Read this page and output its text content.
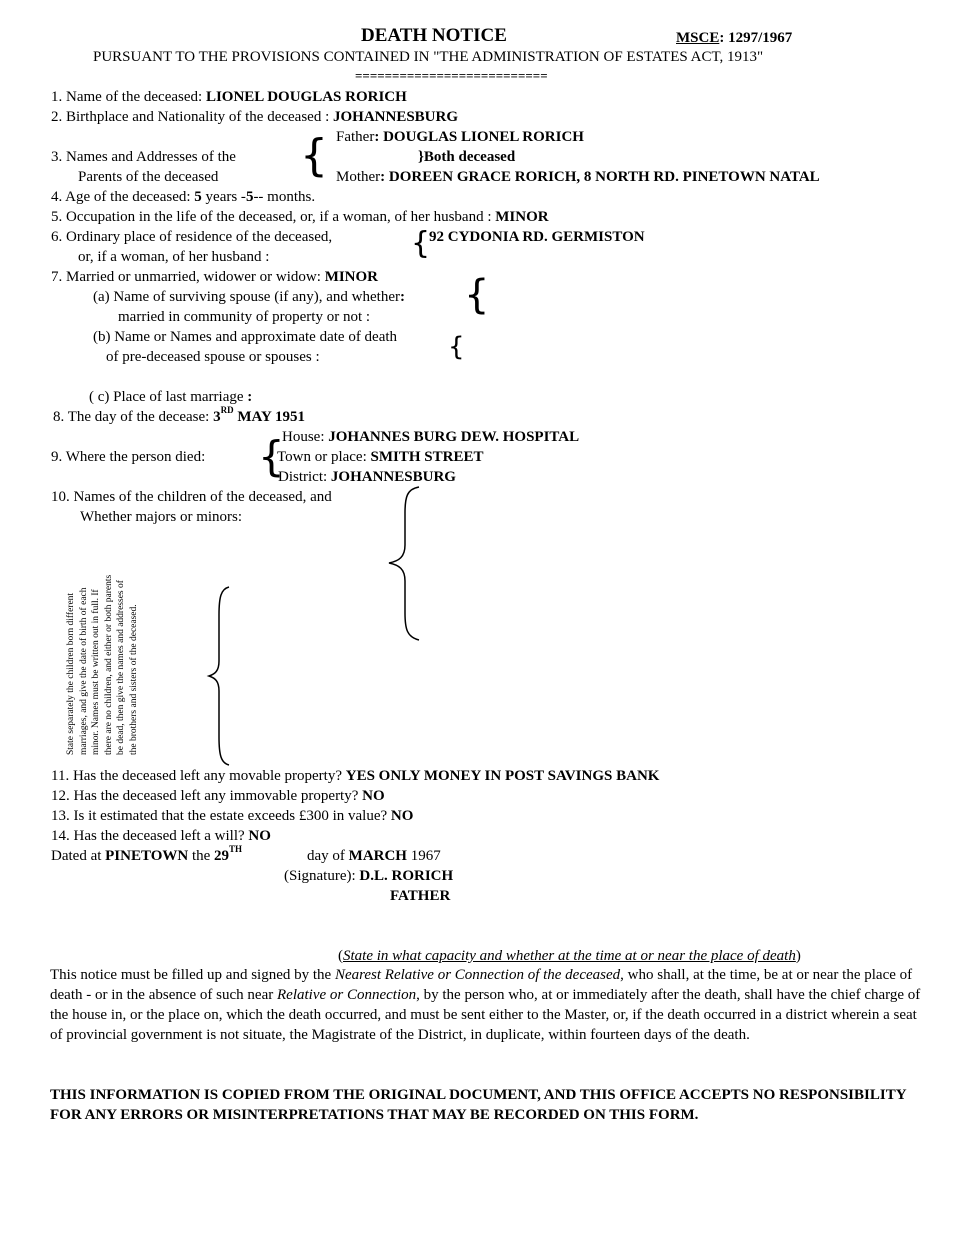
DEATH NOTICE	MSCE: 1297/1967
PURSUANT TO THE PROVISIONS CONTAINED IN "THE ADMINISTRATION OF ESTATES ACT, 1913"
==========================
1. Name of the deceased: LIONEL DOUGLAS RORICH
2. Birthplace and Nationality of the deceased : JOHANNESBURG
3. Names and Addresses of the
Parents of the deceased { Father: DOUGLAS LIONEL RORICH
}Both deceased
Mother: DOREEN GRACE RORICH, 8 NORTH RD. PINETOWN NATAL
4. Age of the deceased: 5 years -5-- months.
5. Occupation in the life of the deceased, or, if a woman, of her husband : MINOR
6. Ordinary place of residence of the deceased,
or, if a woman, of her husband :	{
92 CYDONIA RD. GERMISTON
7. Married or unmarried, widower or widow: MINOR {
(a) Name of surviving spouse (if any), and whether:
married in community of property or not :
(b) Name or Names and approximate date of death
of pre-deceased spouse or spouses :	{
( c) Place of last marriage :
8. The day of the decease: 3RD MAY 1951
9. Where the person died: {
House: JOHANNES BURG DEW. HOSPITAL
Town or place: SMITH STREET
District: JOHANNESBURG
10. Names of the children of the deceased, and
Whether majors or minors:
State separately the children born different marriages, and give the date of birth of each minor. Names must be written out in full. If there are no children, and either or both parents be dead, then give the names and addresses of the brothers and sisters of the deceased.
11. Has the deceased left any movable property? YES ONLY MONEY IN POST SAVINGS BANK
12. Has the deceased left any immovable property? NO
13. Is it estimated that the estate exceeds £300 in value? NO
14. Has the deceased left a will? NO
Dated at PINETOWN the 29TH	day of MARCH 1967
(Signature): D.L. RORICH
FATHER
(State in what capacity and whether at the time at or near the place of death)
This notice must be filled up and signed by the Nearest Relative or Connection of the deceased, who shall, at the time, be at or near the place of death - or in the absence of such near Relative or Connection, by the person who, at or immediately after the death, shall have the chief charge of the house in, or the place on, which the death occurred, and must be sent either to the Master, or, if the death occurred in a district wherein a seat of provincial government is not situate, the Magistrate of the District, in duplicate, within fourteen days of the death.
THIS INFORMATION IS COPIED FROM THE ORIGINAL DOCUMENT, AND THIS OFFICE ACCEPTS NO RESPONSIBILITY FOR ANY ERRORS OR MISINTERPRETATIONS THAT MAY BE RECORDED ON THIS FORM.
